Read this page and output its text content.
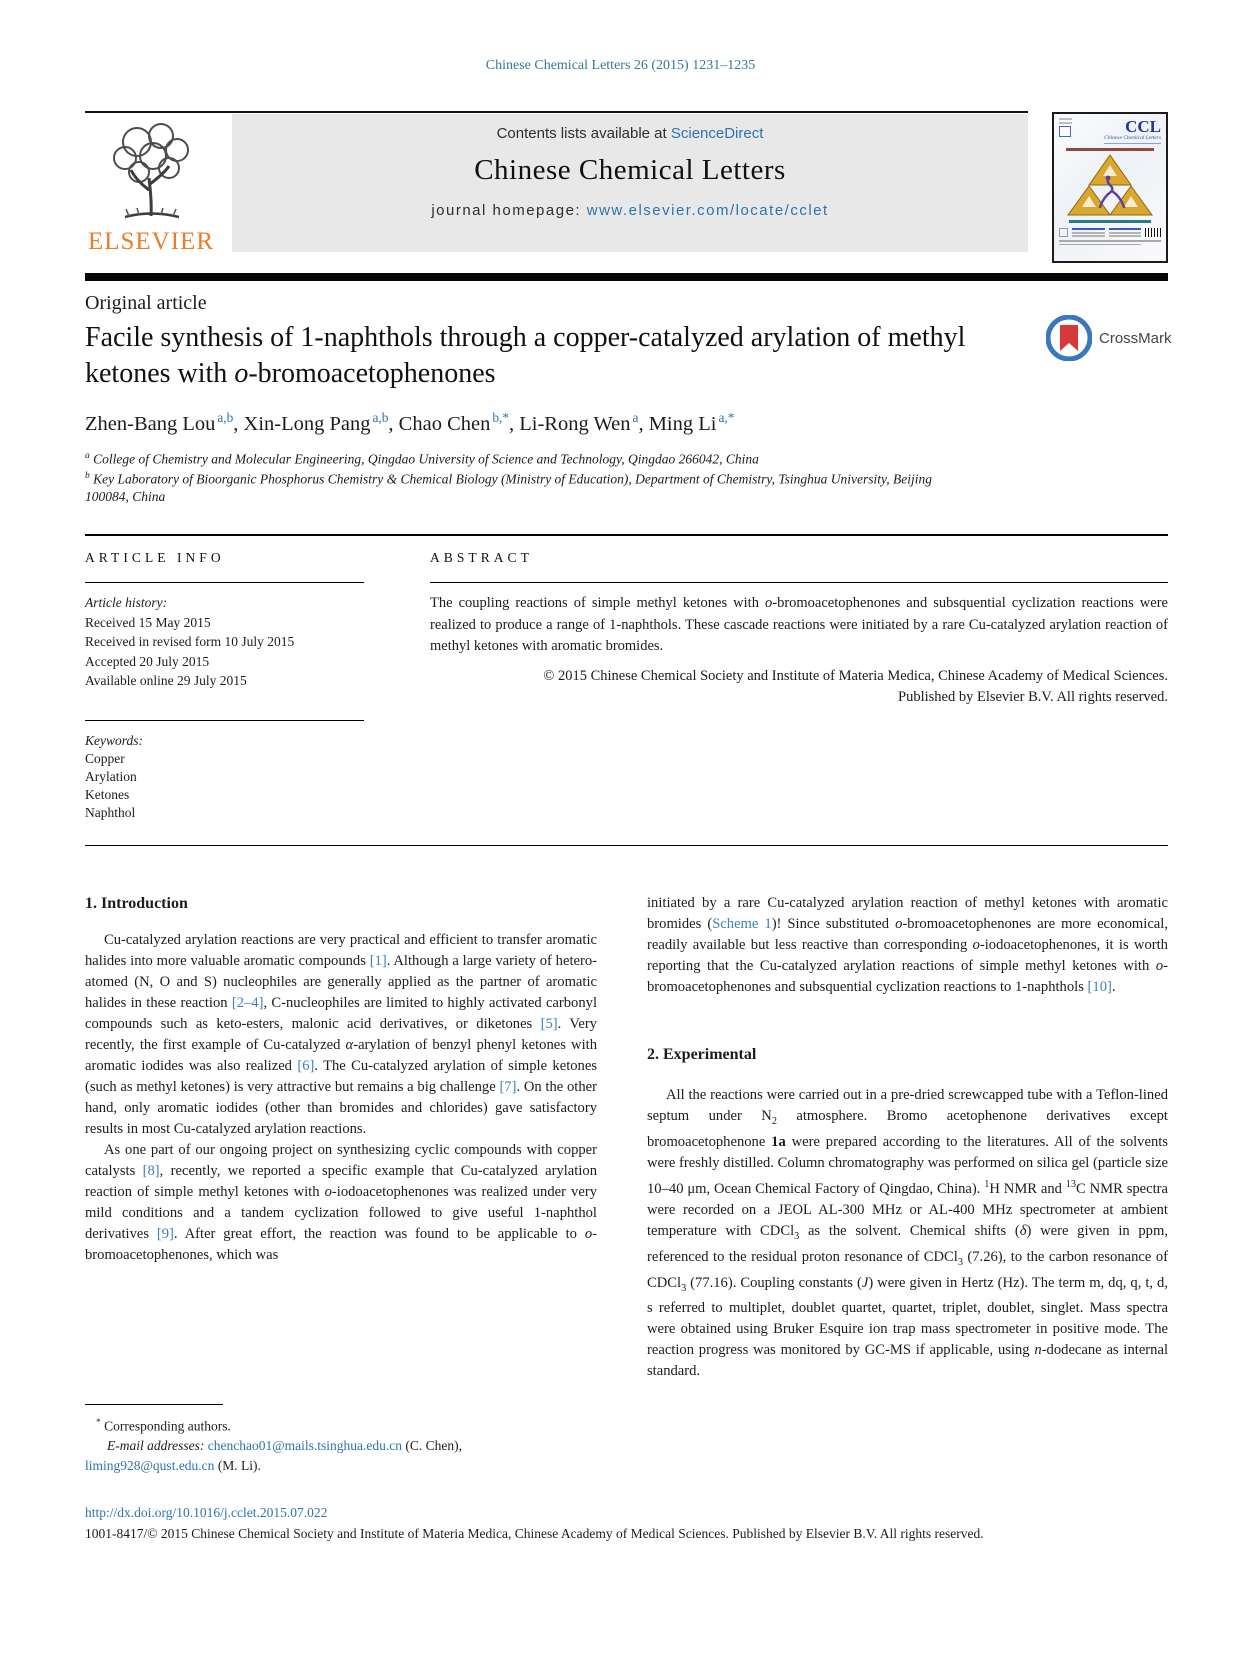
Chinese Chemical Letters 26 (2015) 1231–1235
ELSEVIER
Contents lists available at ScienceDirect
Chinese Chemical Letters
journal homepage: www.elsevier.com/locate/cclet
CCL
Chinese Chemical Letters
Original article
Facile synthesis of 1-naphthols through a copper-catalyzed arylation of methyl ketones with o-bromoacetophenones
CrossMark
Zhen-Bang Lou $^{a,b}$, Xin-Long Pang $^{a,b}$, Chao Chen $^{b,*}$, Li-Rong Wen $^a$, Ming Li $^{a,*}$
$^a$ College of Chemistry and Molecular Engineering, Qingdao University of Science and Technology, Qingdao 266042, China
$^b$ Key Laboratory of Bioorganic Phosphorus Chemistry & Chemical Biology (Ministry of Education), Department of Chemistry, Tsinghua University, Beijing 100084, China
ARTICLE INFO	ABSTRACT
Article history:
Received 15 May 2015
Received in revised form 10 July 2015
Accepted 20 July 2015
Available online 29 July 2015
Keywords:
Copper
Arylation
Ketones
Naphthol
The coupling reactions of simple methyl ketones with o-bromoacetophenones and subsquential cyclization reactions were realized to produce a range of 1-naphthols. These cascade reactions were initiated by a rare Cu-catalyzed arylation reaction of methyl ketones with aromatic bromides.
© 2015 Chinese Chemical Society and Institute of Materia Medica, Chinese Academy of Medical Sciences.
Published by Elsevier B.V. All rights reserved.
1. Introduction

Cu-catalyzed arylation reactions are very practical and efficient to transfer aromatic halides into more valuable aromatic compounds [1]. Although a large variety of hetero-atomed (N, O and S) nucleophiles are generally applied as the partner of aromatic halides in these reaction [2–4], C-nucleophiles are limited to highly activated carbonyl compounds such as keto-esters, malonic acid derivatives, or diketones [5]. Very recently, the first example of Cu-catalyzed α-arylation of benzyl phenyl ketones with aromatic iodides was also realized [6]. The Cu-catalyzed arylation of simple ketones (such as methyl ketones) is very attractive but remains a big challenge [7]. On the other hand, only aromatic iodides (other than bromides and chlorides) gave satisfactory results in most Cu-catalyzed arylation reactions.

As one part of our ongoing project on synthesizing cyclic compounds with copper catalysts [8], recently, we reported a specific example that Cu-catalyzed arylation reaction of simple methyl ketones with o-iodoacetophenones was realized under very mild conditions and a tandem cyclization followed to give useful 1-naphthol derivatives [9]. After great effort, the reaction was found to be applicable to o-bromoacetophenones, which was

initiated by a rare Cu-catalyzed arylation reaction of methyl ketones with aromatic bromides (Scheme 1)! Since substituted o-bromoacetophenones are more economical, readily available but less reactive than corresponding o-iodoacetophenones, it is worth reporting that the Cu-catalyzed arylation reactions of simple methyl ketones with o-bromoacetophenones and subsquential cyclization reactions to 1-naphthols [10].

2. Experimental

All the reactions were carried out in a pre-dried screwcapped tube with a Teflon-lined septum under $N_2$ atmosphere. Bromo acetophenone derivatives except bromoacetophenone 1a were prepared according to the literatures. All of the solvents were freshly distilled. Column chromatography was performed on silica gel (particle size 10–40 μm, Ocean Chemical Factory of Qingdao, China). $^1$H NMR and $^{13}$C NMR spectra were recorded on a JEOL AL-300 MHz or AL-400 MHz spectrometer at ambient temperature with CDCl$_3$ as the solvent. Chemical shifts (δ) were given in ppm, referenced to the residual proton resonance of CDCl$_3$ (7.26), to the carbon resonance of CDCl$_3$ (77.16). Coupling constants (J) were given in Hertz (Hz). The term m, dq, q, t, d, s referred to multiplet, doublet quartet, quartet, triplet, doublet, singlet. Mass spectra were obtained using Bruker Esquire ion trap mass spectrometer in positive mode. The reaction progress was monitored by GC-MS if applicable, using n-dodecane as internal standard.

* Corresponding authors.
E-mail addresses: chenchao01@mails.tsinghua.edu.cn (C. Chen),
liming928@qust.edu.cn (M. Li).
http://dx.doi.org/10.1016/j.cclet.2015.07.022
1001-8417/© 2015 Chinese Chemical Society and Institute of Materia Medica, Chinese Academy of Medical Sciences. Published by Elsevier B.V. All rights reserved.
